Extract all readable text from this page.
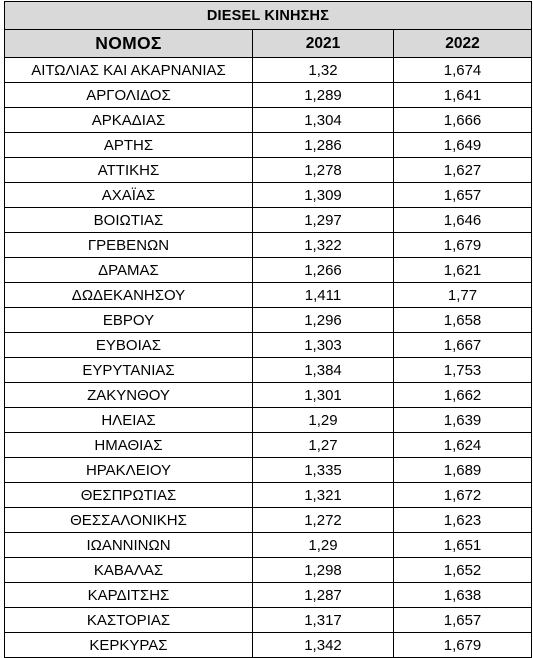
DIESEL ΚΙΝΗΣΗΣ		
ΝΟΜΟΣ	2021	2022
ΑΙΤΩΛΙΑΣ ΚΑΙ ΑΚΑΡΝΑΝΙΑΣ	1,32	1,674
ΑΡΓΟΛΙΔΟΣ	1,289	1,641
ΑΡΚΑΔΙΑΣ	1,304	1,666
ΑΡΤΗΣ	1,286	1,649
ΑΤΤΙΚΗΣ	1,278	1,627
ΑΧΑΪΑΣ	1,309	1,657
ΒΟΙΩΤΙΑΣ	1,297	1,646
ΓΡΕΒΕΝΩΝ	1,322	1,679
ΔΡΑΜΑΣ	1,266	1,621
ΔΩΔΕΚΑΝΗΣΟΥ	1,411	1,77
ΕΒΡΟΥ	1,296	1,658
ΕΥΒΟΙΑΣ	1,303	1,667
ΕΥΡΥΤΑΝΙΑΣ	1,384	1,753
ΖΑΚΥΝΘΟΥ	1,301	1,662
ΗΛΕΙΑΣ	1,29	1,639
ΗΜΑΘΙΑΣ	1,27	1,624
ΗΡΑΚΛΕΙΟΥ	1,335	1,689
ΘΕΣΠΡΩΤΙΑΣ	1,321	1,672
ΘΕΣΣΑΛΟΝΙΚΗΣ	1,272	1,623
ΙΩΑΝΝΙΝΩΝ	1,29	1,651
ΚΑΒΑΛΑΣ	1,298	1,652
ΚΑΡΔΙΤΣΗΣ	1,287	1,638
ΚΑΣΤΟΡΙΑΣ	1,317	1,657
ΚΕΡΚΥΡΑΣ	1,342	1,679
